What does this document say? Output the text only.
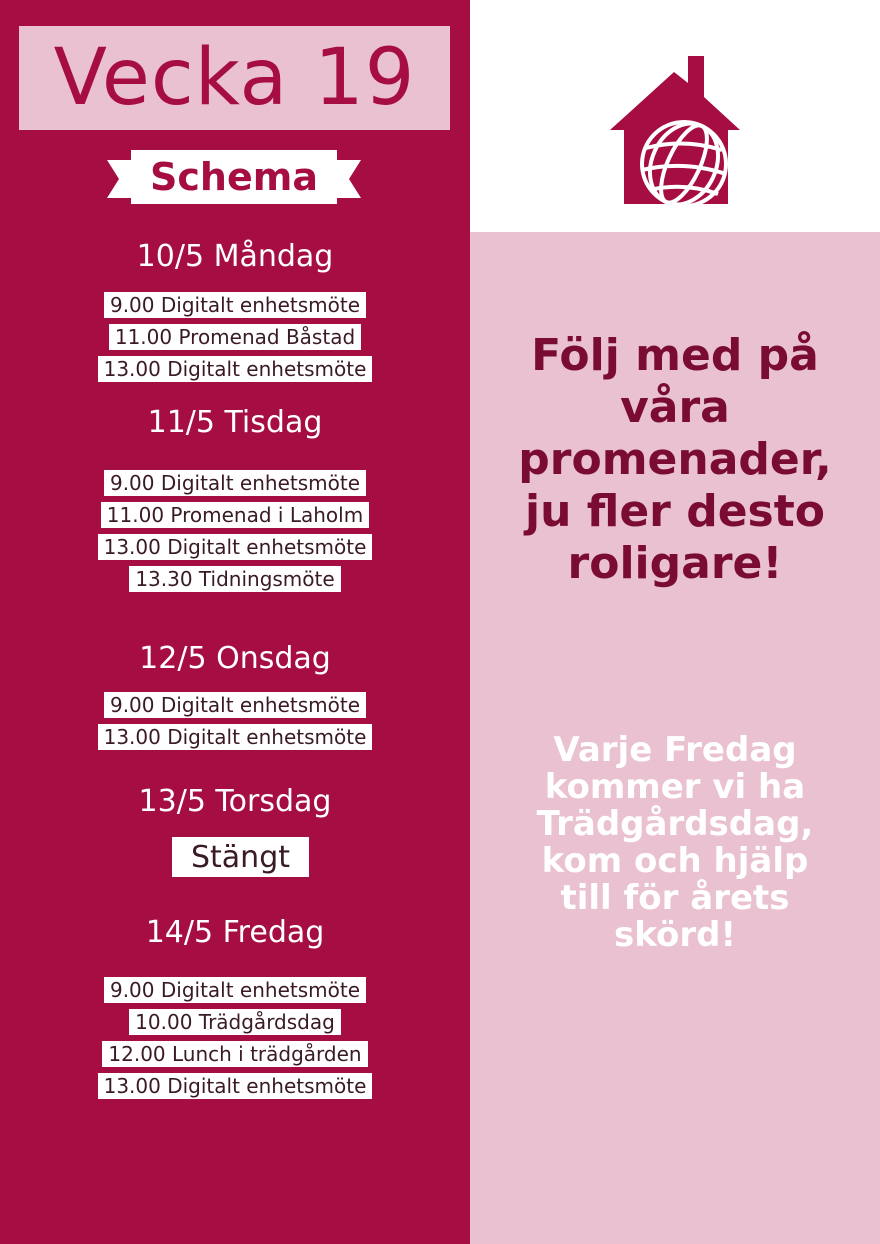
Vecka 19
Schema
10/5 Måndag
9.00 Digitalt enhetsmöte
11.00 Promenad Båstad
13.00 Digitalt enhetsmöte
11/5 Tisdag
9.00 Digitalt enhetsmöte
11.00 Promenad i Laholm
13.00 Digitalt enhetsmöte
13.30 Tidningsmöte
12/5 Onsdag
9.00 Digitalt enhetsmöte
13.00 Digitalt enhetsmöte
13/5 Torsdag
Stängt
14/5 Fredag
9.00 Digitalt enhetsmöte
10.00 Trädgårdsdag
12.00 Lunch i trädgården
13.00 Digitalt enhetsmöte
Följ med på
våra
promenader,
ju fler desto
roligare!
Varje Fredag
kommer vi ha
Trädgårdsdag,
kom och hjälp
till för årets
skörd!
